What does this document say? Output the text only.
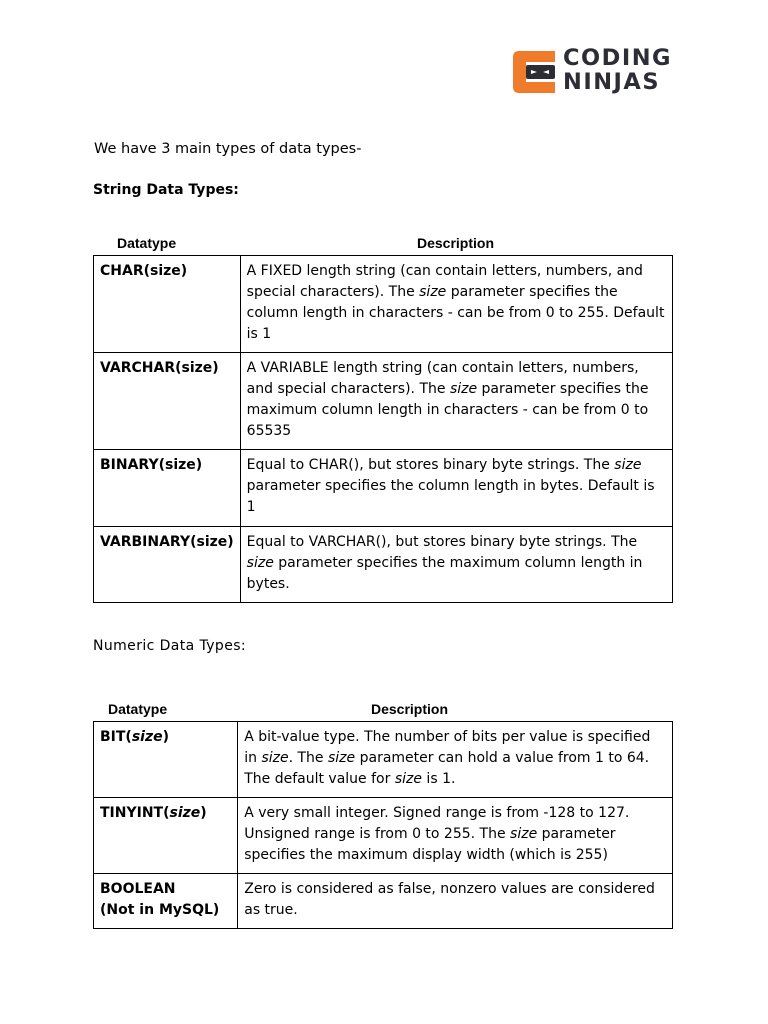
CODING
NINJAS
We have 3 main types of data types-
String Data Types:
Datatype	Description
CHAR(size)	A FIXED length string (can contain letters, numbers, and special characters). The size parameter specifies the column length in characters - can be from 0 to 255. Default is 1
VARCHAR(size)	A VARIABLE length string (can contain letters, numbers, and special characters). The size parameter specifies the maximum column length in characters - can be from 0 to 65535
BINARY(size)	Equal to CHAR(), but stores binary byte strings. The size parameter specifies the column length in bytes. Default is 1
VARBINARY(size)	Equal to VARCHAR(), but stores binary byte strings. The size parameter specifies the maximum column length in bytes.
Numeric Data Types:
Datatype	Description
BIT(size)	A bit-value type. The number of bits per value is specified in size. The size parameter can hold a value from 1 to 64. The default value for size is 1.
TINYINT(size)	A very small integer. Signed range is from -128 to 127. Unsigned range is from 0 to 255. The size parameter specifies the maximum display width (which is 255)
BOOLEAN
(Not in MySQL)	Zero is considered as false, nonzero values are considered as true.
